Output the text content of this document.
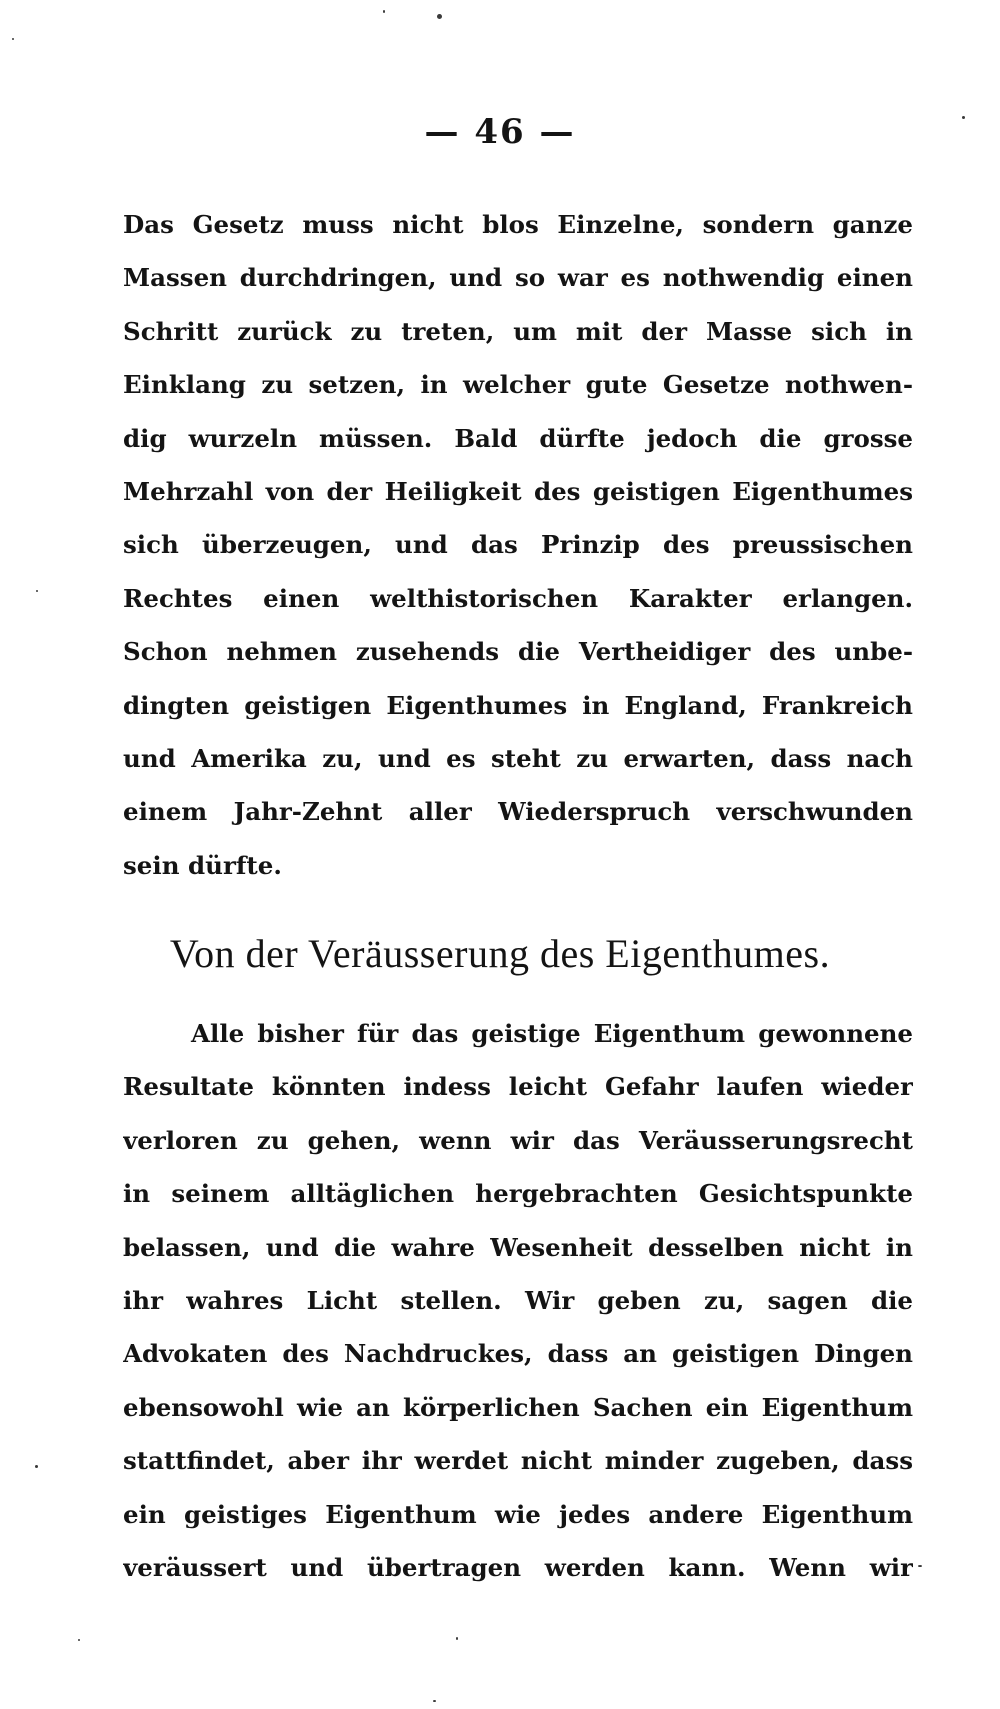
— 46 —
Das Gesetz muss nicht blos Einzelne, sondern ganze
Massen durchdringen, und so war es nothwendig einen
Schritt zurück zu treten, um mit der Masse sich in
Einklang zu setzen, in welcher gute Gesetze nothwen-
dig wurzeln müssen. Bald dürfte jedoch die grosse
Mehrzahl von der Heiligkeit des geistigen Eigenthumes
sich überzeugen, und das Prinzip des preussischen
Rechtes einen welthistorischen Karakter erlangen.
Schon nehmen zusehends die Vertheidiger des unbe-
dingten geistigen Eigenthumes in England, Frankreich
und Amerika zu, und es steht zu erwarten, dass nach
einem Jahr-Zehnt aller Wiederspruch verschwunden
sein dürfte.
Von der Veräusserung des Eigenthumes.
Alle bisher für das geistige Eigenthum gewonnene
Resultate könnten indess leicht Gefahr laufen wieder
verloren zu gehen, wenn wir das Veräusserungsrecht
in seinem alltäglichen hergebrachten Gesichtspunkte
belassen, und die wahre Wesenheit desselben nicht in
ihr wahres Licht stellen. Wir geben zu, sagen die
Advokaten des Nachdruckes, dass an geistigen Dingen
ebensowohl wie an körperlichen Sachen ein Eigenthum
stattfindet, aber ihr werdet nicht minder zugeben, dass
ein geistiges Eigenthum wie jedes andere Eigenthum
veräussert und übertragen werden kann. Wenn wir
